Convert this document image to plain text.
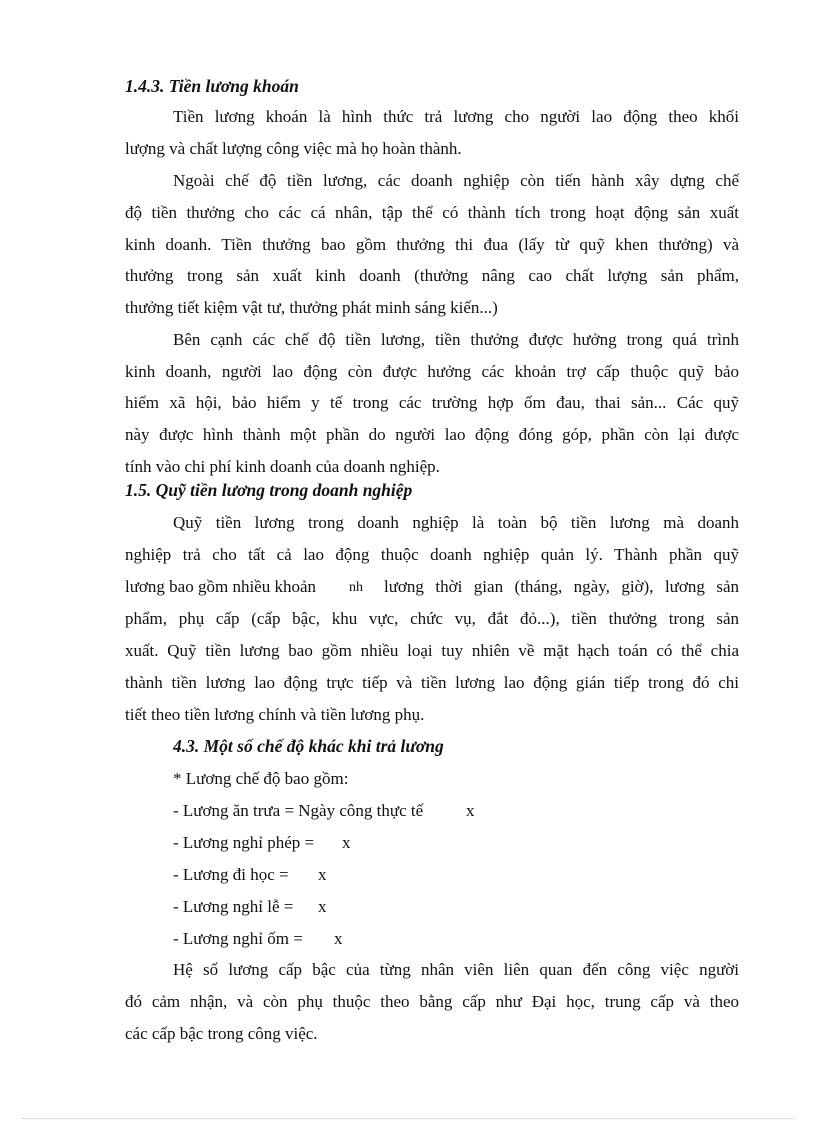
1.4.3. Tiền lương khoán
Tiền lương khoán là hình thức trả lương cho người lao động theo khối
lượng và chất lượng công việc mà họ hoàn thành.
Ngoài chế độ tiền lương, các doanh nghiệp còn tiến hành xây dựng chế
độ tiền thưởng cho các cá nhân, tập thể có thành tích trong hoạt động sản xuất
kinh doanh. Tiền thưởng bao gồm thưởng thi đua (lấy từ quỹ khen thưởng) và
thưởng trong sản xuất kinh doanh (thưởng nâng cao chất lượng sản phẩm,
thưởng tiết kiệm vật tư, thưởng phát minh sáng kiến...)
Bên cạnh các chế độ tiền lương, tiền thưởng được hưởng trong quá trình
kinh doanh, người lao động còn được hưởng các khoản trợ cấp thuộc quỹ bảo
hiểm xã hội, bảo hiểm y tế trong các trường hợp ốm đau, thai sản... Các quỹ
này được hình thành một phần do người lao động đóng góp, phần còn lại được
tính vào chi phí kinh doanh của doanh nghiệp.
1.5. Quỹ tiền lương trong doanh nghiệp
Quỹ tiền lương trong doanh nghiệp là toàn bộ tiền lương mà doanh
nghiệp trả cho tất cả lao động thuộc doanh nghiệp quản lý. Thành phần quỹ
lương bao gồm nhiều khoản nh lương thời gian (tháng, ngày, giờ), lương sản
phẩm, phụ cấp (cấp bậc, khu vực, chức vụ, đắt đỏ...), tiền thưởng trong sản
xuất. Quỹ tiền lương bao gồm nhiều loại tuy nhiên về mặt hạch toán có thể chia
thành tiền lương lao động trực tiếp và tiền lương lao động gián tiếp trong đó chi
tiết theo tiền lương chính và tiền lương phụ.
4.3. Một số chế độ khác khi trả lương
* Lương chế độ bao gồm:
- Lương ăn trưa = Ngày công thực tế	x
- Lương nghỉ phép = x
- Lương đi học = x
- Lương nghỉ lễ = x
- Lương nghỉ ốm = x
Hệ số lương cấp bậc của từng nhân viên liên quan đến công việc người
đó cảm nhận, và còn phụ thuộc theo bằng cấp như Đại học, trung cấp và theo
các cấp bậc trong công việc.
